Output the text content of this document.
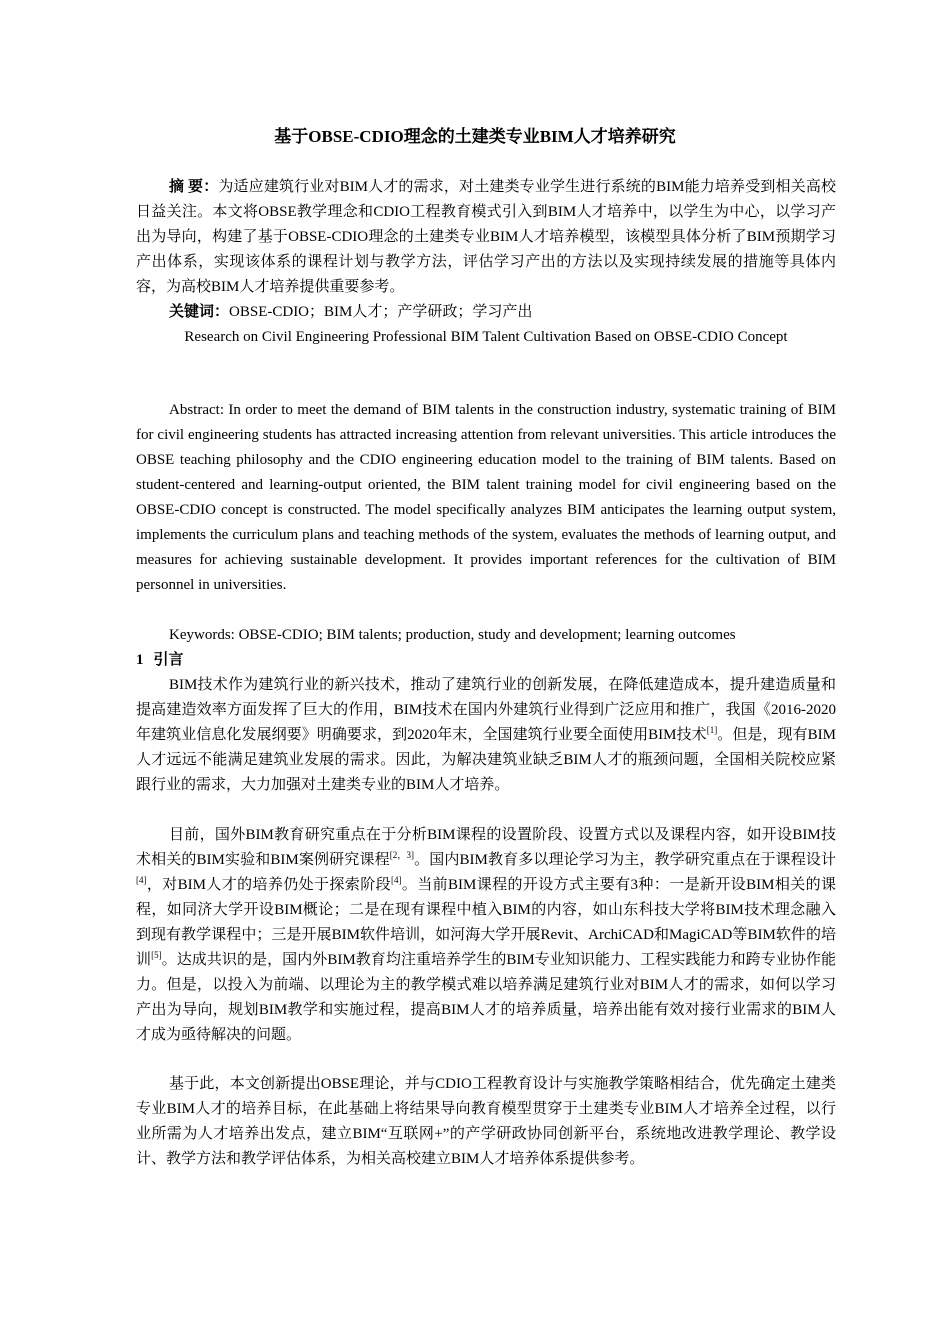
基于OBSE-CDIO理念的土建类专业BIM人才培养研究
摘 要：为适应建筑行业对BIM人才的需求，对土建类专业学生进行系统的BIM能力培养受到相关高校日益关注。本文将OBSE教学理念和CDIO工程教育模式引入到BIM人才培养中，以学生为中心，以学习产出为导向，构建了基于OBSE-CDIO理念的土建类专业BIM人才培养模型，该模型具体分析了BIM预期学习产出体系，实现该体系的课程计划与教学方法，评估学习产出的方法以及实现持续发展的措施等具体内容，为高校BIM人才培养提供重要参考。
关键词：OBSE-CDIO；BIM人才；产学研政；学习产出
Research on Civil Engineering Professional BIM Talent Cultivation Based on OBSE-CDIO Concept
Abstract: In order to meet the demand of BIM talents in the construction industry, systematic training of BIM for civil engineering students has attracted increasing attention from relevant universities. This article introduces the OBSE teaching philosophy and the CDIO engineering education model to the training of BIM talents. Based on student-centered and learning-output oriented, the BIM talent training model for civil engineering based on the OBSE-CDIO concept is constructed. The model specifically analyzes BIM anticipates the learning output system, implements the curriculum plans and teaching methods of the system, evaluates the methods of learning output, and measures for achieving sustainable development. It provides important references for the cultivation of BIM personnel in universities.
Keywords: OBSE-CDIO; BIM talents; production, study and development; learning outcomes
1 引言
BIM技术作为建筑行业的新兴技术，推动了建筑行业的创新发展，在降低建造成本，提升建造质量和提高建造效率方面发挥了巨大的作用，BIM技术在国内外建筑行业得到广泛应用和推广，我国《2016-2020年建筑业信息化发展纲要》明确要求，到2020年末，全国建筑行业要全面使用BIM技术[1]。但是，现有BIM人才远远不能满足建筑业发展的需求。因此，为解决建筑业缺乏BIM人才的瓶颈问题，全国相关院校应紧跟行业的需求，大力加强对土建类专业的BIM人才培养。
目前，国外BIM教育研究重点在于分析BIM课程的设置阶段、设置方式以及课程内容，如开设BIM技术相关的BIM实验和BIM案例研究课程[2，3]。国内BIM教育多以理论学习为主，教学研究重点在于课程设计[4]，对BIM人才的培养仍处于探索阶段[4]。当前BIM课程的开设方式主要有3种：一是新开设BIM相关的课程，如同济大学开设BIM概论；二是在现有课程中植入BIM的内容，如山东科技大学将BIM技术理念融入到现有教学课程中；三是开展BIM软件培训，如河海大学开展Revit、ArchiCAD和MagiCAD等BIM软件的培训[5]。达成共识的是，国内外BIM教育均注重培养学生的BIM专业知识能力、工程实践能力和跨专业协作能力。但是，以投入为前端、以理论为主的教学模式难以培养满足建筑行业对BIM人才的需求，如何以学习产出为导向，规划BIM教学和实施过程，提高BIM人才的培养质量，培养出能有效对接行业需求的BIM人才成为亟待解决的问题。
基于此，本文创新提出OBSE理论，并与CDIO工程教育设计与实施教学策略相结合，优先确定土建类专业BIM人才的培养目标，在此基础上将结果导向教育模型贯穿于土建类专业BIM人才培养全过程，以行业所需为人才培养出发点，建立BIM“互联网+”的产学研政协同创新平台，系统地改进教学理论、教学设计、教学方法和教学评估体系，为相关高校建立BIM人才培养体系提供参考。
